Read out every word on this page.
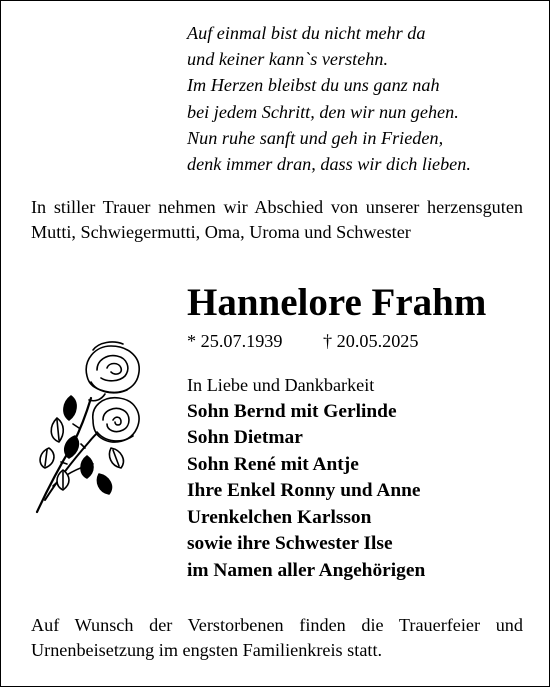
Auf einmal bist du nicht mehr da
und keiner kann`s verstehn.
Im Herzen bleibst du uns ganz nah
bei jedem Schritt, den wir nun gehen.
Nun ruhe sanft und geh in Frieden,
denk immer dran, dass wir dich lieben.
In stiller Trauer nehmen wir Abschied von unserer herzensguten Mutti, Schwiegermutti, Oma, Uroma und Schwester
Hannelore Frahm
* 25.07.1939 † 20.05.2025
In Liebe und Dankbarkeit
Sohn Bernd mit Gerlinde
Sohn Dietmar
Sohn René mit Antje
Ihre Enkel Ronny und Anne
Urenkelchen Karlsson
sowie ihre Schwester Ilse
im Namen aller Angehörigen
Auf Wunsch der Verstorbenen finden die Trauerfeier und Urnenbeisetzung im engsten Familienkreis statt.
